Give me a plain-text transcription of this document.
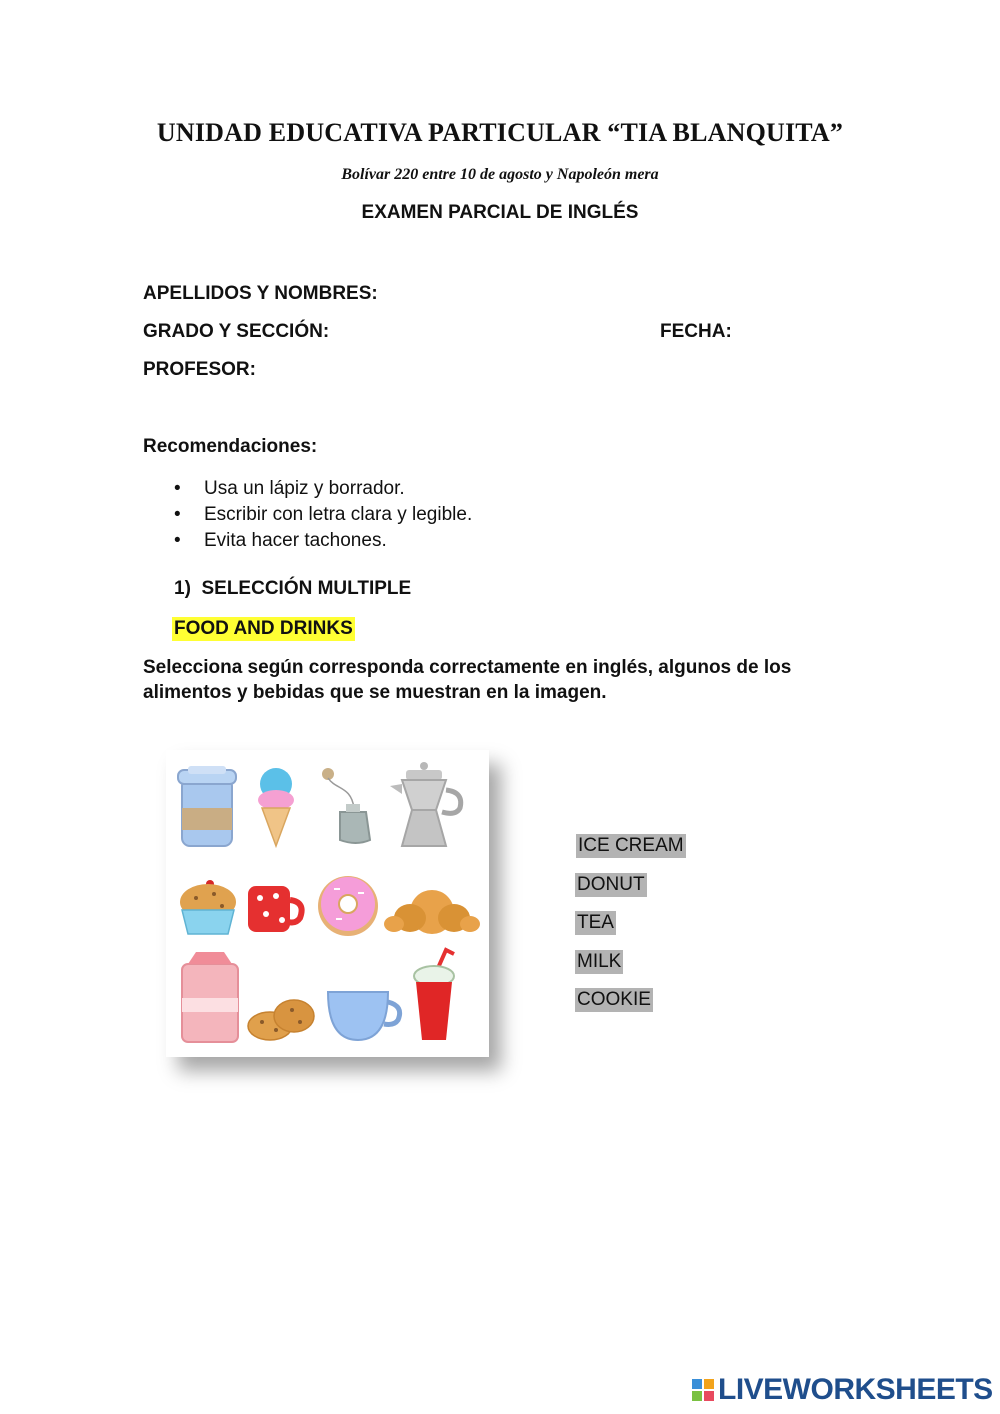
UNIDAD EDUCATIVA PARTICULAR “TIA BLANQUITA”
Bolívar 220 entre 10 de agosto y Napoleón mera
EXAMEN PARCIAL DE INGLÉS
APELLIDOS Y NOMBRES:
GRADO Y SECCIÓN:	FECHA:
PROFESOR:
Recomendaciones:
• Usa un lápiz y borrador.
• Escribir con letra clara y legible.
• Evita hacer tachones.
1) SELECCIÓN MULTIPLE
FOOD AND DRINKS
Selecciona según corresponda correctamente en inglés, algunos de los alimentos y bebidas que se muestran en la imagen.
ICE CREAM
DONUT
TEA
MILK
COOKIE
LIVEWORKSHEETS
